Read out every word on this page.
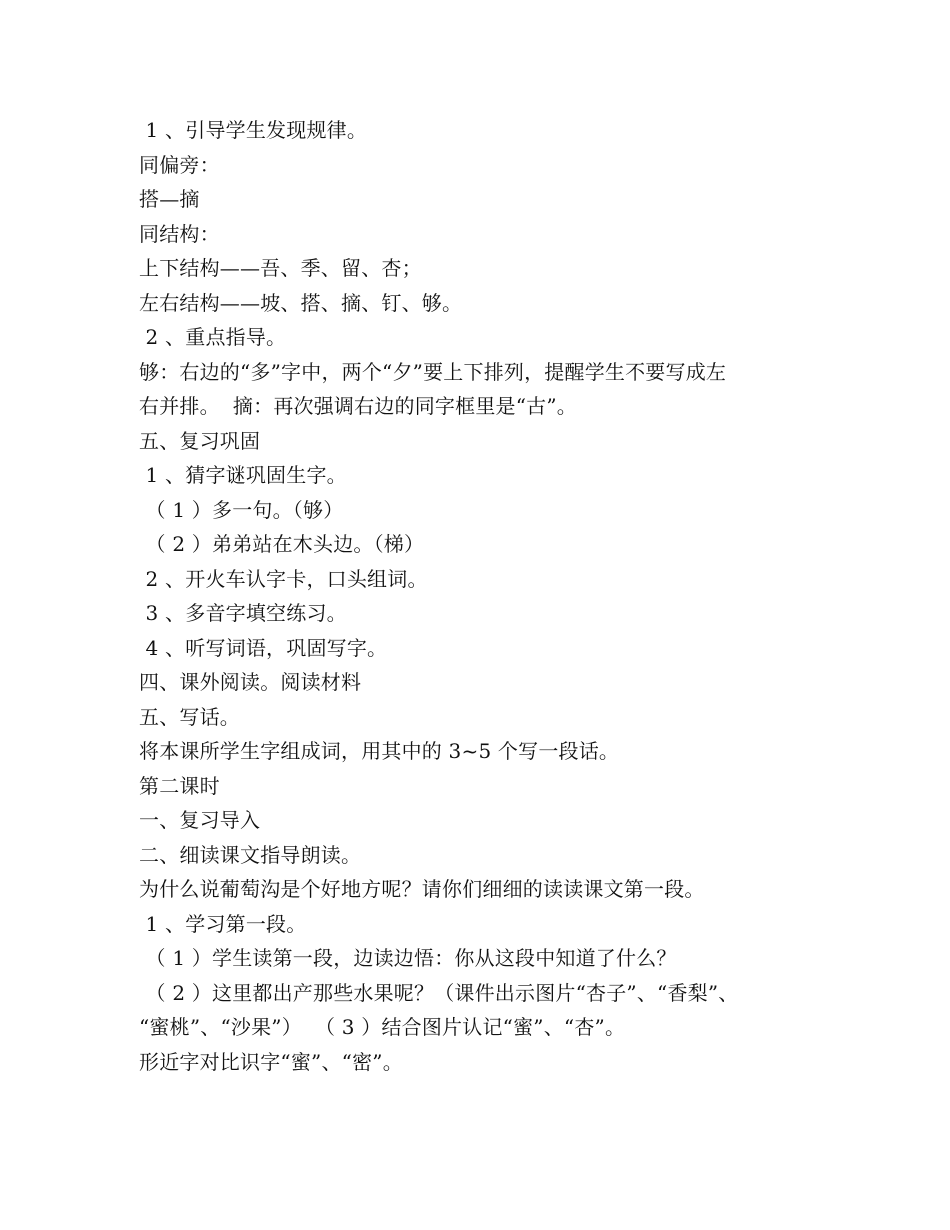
1 、引导学生发现规律。
同偏旁：
搭—摘
同结构：
上下结构——吾、季、留、杏；
左右结构——坡、搭、摘、钉、够。
2 、重点指导。
够：右边的“多”字中，两个“夕”要上下排列，提醒学生不要写成左
右并排。  摘：再次强调右边的同字框里是“古”。
五、复习巩固
1 、猜字谜巩固生字。
（ 1 ）多一句。（够）
（ 2 ）弟弟站在木头边。（梯）
2 、开火车认字卡，口头组词。
3 、多音字填空练习。
4 、听写词语，巩固写字。
四、课外阅读。阅读材料
五、写话。
将本课所学生字组成词，用其中的 3~5 个写一段话。
第二课时
一、复习导入
二、细读课文指导朗读。
为什么说葡萄沟是个好地方呢？请你们细细的读读课文第一段。
1 、学习第一段。
（ 1 ）学生读第一段，边读边悟：你从这段中知道了什么？
（ 2 ）这里都出产那些水果呢？（课件出示图片“杏子”、“香梨”、
“蜜桃”、“沙果”）  （ 3 ）结合图片认记“蜜”、“杏”。
形近字对比识字“蜜”、“密”。
